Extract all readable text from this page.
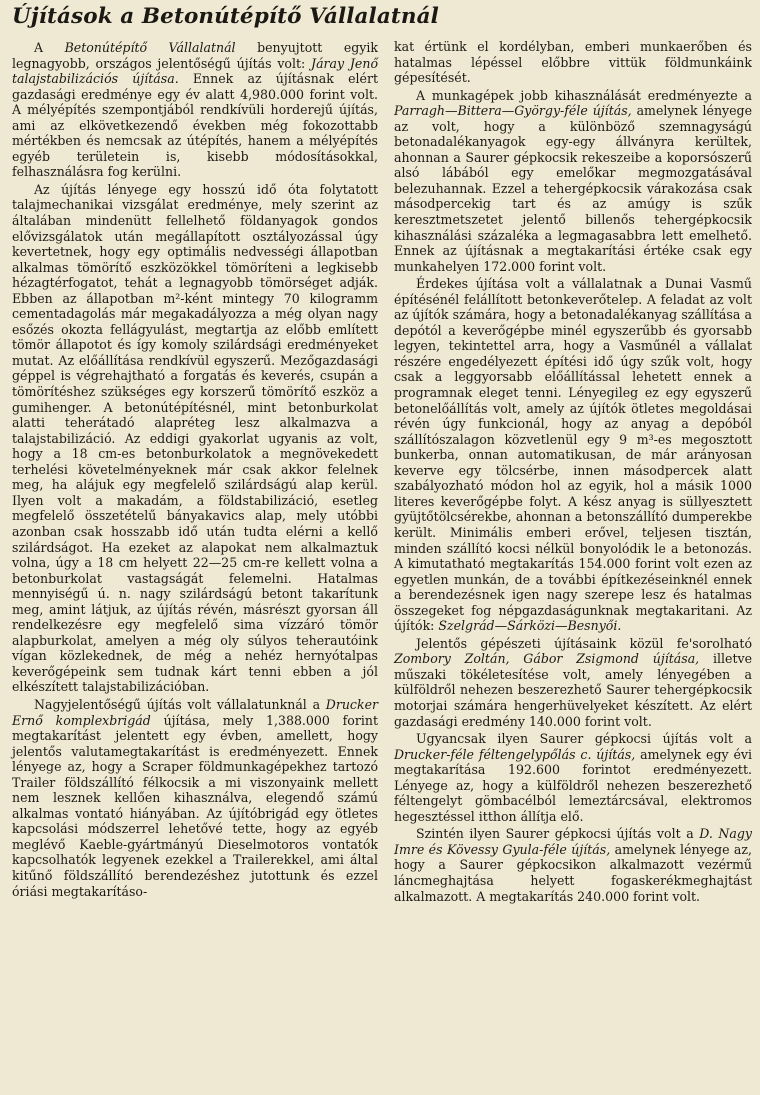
Újítások a Betonútépítő Vállalatnál

A Betonútépítő Vállalatnál benyujtott egyik legnagyobb, országos jelentőségű újítás volt: Járay Jenő talajstabilizációs újítása. Ennek az újításnak elért gazdasági eredménye egy év alatt 4,980.000 forint volt. A mélyépítés szempontjából rendkívüli horderejű újítás, ami az elkövetkezendő években még fokozottabb mértékben és nemcsak az útépítés, hanem a mélyépítés egyéb területein is, kisebb módosításokkal, felhasználásra fog kerülni.

Az újítás lényege egy hosszú idő óta folytatott talajmechanikai vizsgálat eredménye, mely szerint az általában mindenütt fellelhető földanyagok gondos elővizsgálatok után megállapított osztályozással úgy kevertetnek, hogy egy optimális nedvességi állapotban alkalmas tömörítő eszközökkel tömöríteni a legkisebb hézagtérfogatot, tehát a legnagyobb tömörséget adják. Ebben az állapotban m²-ként mintegy 70 kilogramm cementadagolás már megakadályozza a még olyan nagy esőzés okozta fellágyulást, megtartja az előbb említett tömör állapotot és így komoly szilárdsági eredményeket mutat. Az előállítása rendkívül egyszerű. Mezőgazdasági géppel is végrehajtható a forgatás és keverés, csupán a tömörítéshez szükséges egy korszerű tömörítő eszköz a gumihenger. A betonútépítésnél, mint betonburkolat alatti teherátadó alapréteg lesz alkalmazva a talajstabilizáció. Az eddigi gyakorlat ugyanis az volt, hogy a 18 cm-es betonburkolatok a megnövekedett terhelési követelményeknek már csak akkor felelnek meg, ha alájuk egy megfelelő szilárdságú alap kerül. Ilyen volt a makadám, a földstabilizáció, esetleg megfelelő összetételű bányakavics alap, mely utóbbi azonban csak hosszabb idő után tudta elérni a kellő szilárdságot. Ha ezeket az alapokat nem alkalmaztuk volna, úgy a 18 cm helyett 22—25 cm-re kellett volna a betonburkolat vastagságát felemelni. Hatalmas mennyiségű ú. n. nagy szilárdságú betont takarítunk meg, amint látjuk, az újítás révén, másrészt gyorsan áll rendelkezésre egy megfelelő sima vízzáró tömör alapburkolat, amelyen a még oly súlyos teherautóink vígan közlekednek, de még a nehéz hernyótalpas keverőgépeink sem tudnak kárt tenni ebben a jól elkészített talajstabilizációban.

Nagyjelentőségű újítás volt vállalatunknál a Drucker Ernő komplexbrigád újítása, mely 1,388.000 forint megtakarítást jelentett egy évben, amellett, hogy jelentős valutamegtakarítást is eredményezett. Ennek lényege az, hogy a Scraper földmunkagépekhez tartozó Trailer földszállító félkocsik a mi viszonyaink mellett nem lesznek kellően kihasználva, elegendő számú alkalmas vontató hiányában. Az újítóbrigád egy ötletes kapcsolási módszerrel lehetővé tette, hogy az egyéb meglévő Kaeble-gyártmányú Dieselmotoros vontatók kapcsolhatók legyenek ezekkel a Trailerekkel, ami által kitűnő földszállító berendezéshez jutottunk és ezzel óriási megtakarításo-

kat értünk el kordélyban, emberi munkaerőben és hatalmas lépéssel előbbre vittük földmunkáink gépesítését.

A munkagépek jobb kihasználását eredményezte a Parragh—Bittera—György-féle újítás, amelynek lényege az volt, hogy a különböző szemnagyságú betonadalékanyagok egy-egy állványra kerültek, ahonnan a Saurer gépkocsik rekeszeibe a koporsószerű alsó lábából egy emelőkar megmozgatásával belezuhannak. Ezzel a tehergépkocsik várakozása csak másodpercekig tart és az amúgy is szűk keresztmetszetet jelentő billenős tehergépkocsik kihasználási százaléka a legmagasabbra lett emelhető. Ennek az újításnak a megtakarítási értéke csak egy munkahelyen 172.000 forint volt.

Érdekes újítása volt a vállalatnak a Dunai Vasmű építésénél felállított betonkeverőtelep. A feladat az volt az újítók számára, hogy a betonadalékanyag szállítása a depótól a keverőgépbe minél egyszerűbb és gyorsabb legyen, tekintettel arra, hogy a Vasműnél a vállalat részére engedélyezett építési idő úgy szűk volt, hogy csak a leggyorsabb előállítással lehetett ennek a programnak eleget tenni. Lényegileg ez egy egyszerű betonelőállítás volt, amely az újítók ötletes megoldásai révén úgy funkcionál, hogy az anyag a depóból szállítószalagon közvetlenül egy 9 m³-es megosztott bunkerba, onnan automatikusan, de már arányosan keverve egy tölcsérbe, innen másodpercek alatt szabályozható módon hol az egyik, hol a másik 1000 literes keverőgépbe folyt. A kész anyag is süllyesztett gyüjtőtölcsérekbe, ahonnan a betonszállító dumperekbe került. Minimális emberi erővel, teljesen tisztán, minden szállító kocsi nélkül bonyolódik le a betonozás. A kimutatható megtakarítás 154.000 forint volt ezen az egyetlen munkán, de a további építkezéseinknél ennek a berendezésnek igen nagy szerepe lesz és hatalmas összegeket fog népgazdaságunknak megtakaritani. Az újítók: Szelgrád—Sárközi—Besnyői.

Jelentős gépészeti újításaink közül fe'sorolható Zombory Zoltán, Gábor Zsigmond újítása, illetve műszaki tökéletesítése volt, amely lényegében a külföldről nehezen beszerezhető Saurer tehergépkocsik motorjai számára hengerhüvelyeket készített. Az elért gazdasági eredmény 140.000 forint volt.

Ugyancsak ilyen Saurer gépkocsi újítás volt a Drucker-féle féltengelypőlás c. újítás, amelynek egy évi megtakarítása 192.600 forintot eredményezett. Lényege az, hogy a külföldről nehezen beszerezhető féltengelyt gömbacélból lemeztárcsával, elektromos hegesztéssel itthon állítja elő.

Szintén ilyen Saurer gépkocsi újítás volt a D. Nagy Imre és Kövessy Gyula-féle újítás, amelynek lényege az, hogy a Saurer gépkocsikon alkalmazott vezérmű láncmeghajtása helyett fogaskerékmeghajtást alkalmazott. A megtakarítás 240.000 forint volt.
